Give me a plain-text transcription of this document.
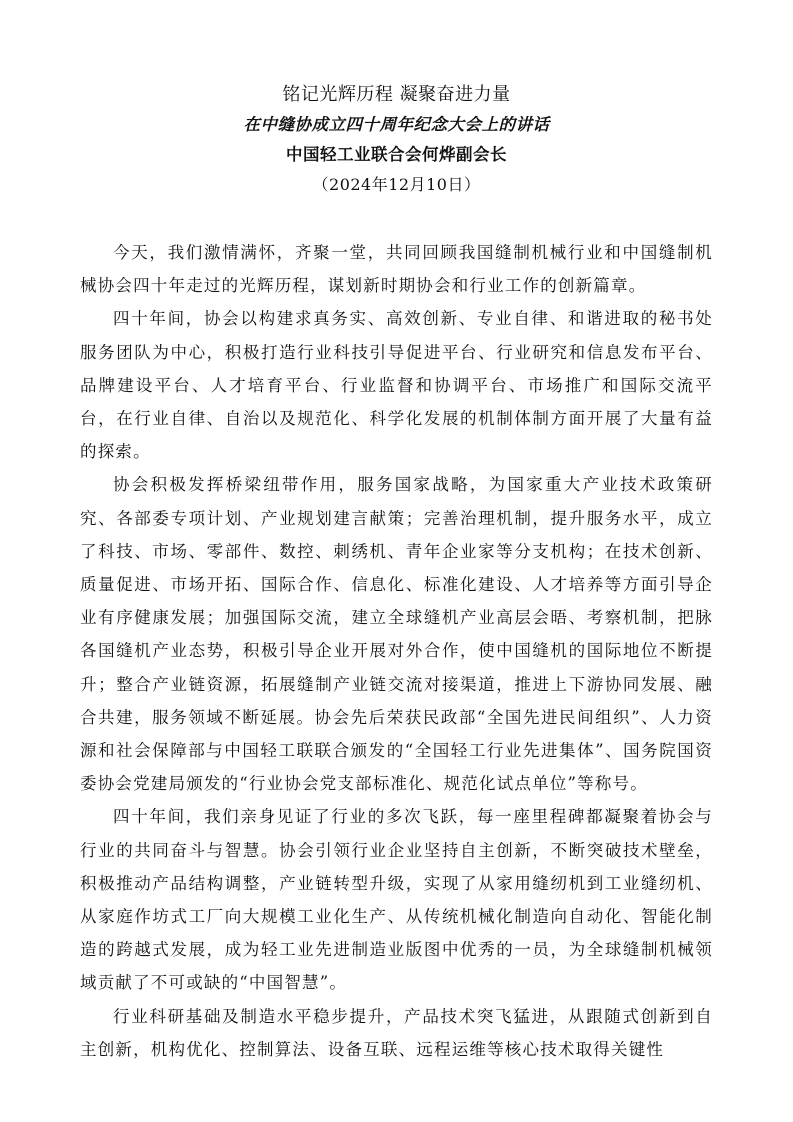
铭记光辉历程 凝聚奋进力量
在中缝协成立四十周年纪念大会上的讲话
中国轻工业联合会何烨副会长
（2024年12月10日）

今天，我们激情满怀，齐聚一堂，共同回顾我国缝制机械行业和中国缝制机械协会四十年走过的光辉历程，谋划新时期协会和行业工作的创新篇章。

四十年间，协会以构建求真务实、高效创新、专业自律、和谐进取的秘书处服务团队为中心，积极打造行业科技引导促进平台、行业研究和信息发布平台、品牌建设平台、人才培育平台、行业监督和协调平台、市场推广和国际交流平台，在行业自律、自治以及规范化、科学化发展的机制体制方面开展了大量有益的探索。

协会积极发挥桥梁纽带作用，服务国家战略，为国家重大产业技术政策研究、各部委专项计划、产业规划建言献策；完善治理机制，提升服务水平，成立了科技、市场、零部件、数控、刺绣机、青年企业家等分支机构；在技术创新、质量促进、市场开拓、国际合作、信息化、标准化建设、人才培养等方面引导企业有序健康发展；加强国际交流，建立全球缝机产业高层会晤、考察机制，把脉各国缝机产业态势，积极引导企业开展对外合作，使中国缝机的国际地位不断提升；整合产业链资源，拓展缝制产业链交流对接渠道，推进上下游协同发展、融合共建，服务领域不断延展。协会先后荣获民政部“全国先进民间组织”、人力资源和社会保障部与中国轻工联联合颁发的“全国轻工行业先进集体”、国务院国资委协会党建局颁发的“行业协会党支部标准化、规范化试点单位”等称号。

四十年间，我们亲身见证了行业的多次飞跃，每一座里程碑都凝聚着协会与行业的共同奋斗与智慧。协会引领行业企业坚持自主创新，不断突破技术壁垒，积极推动产品结构调整，产业链转型升级，实现了从家用缝纫机到工业缝纫机、从家庭作坊式工厂向大规模工业化生产、从传统机械化制造向自动化、智能化制造的跨越式发展，成为轻工业先进制造业版图中优秀的一员，为全球缝制机械领域贡献了不可或缺的“中国智慧”。

行业科研基础及制造水平稳步提升，产品技术突飞猛进，从跟随式创新到自主创新，机构优化、控制算法、设备互联、远程运维等核心技术取得关键性
